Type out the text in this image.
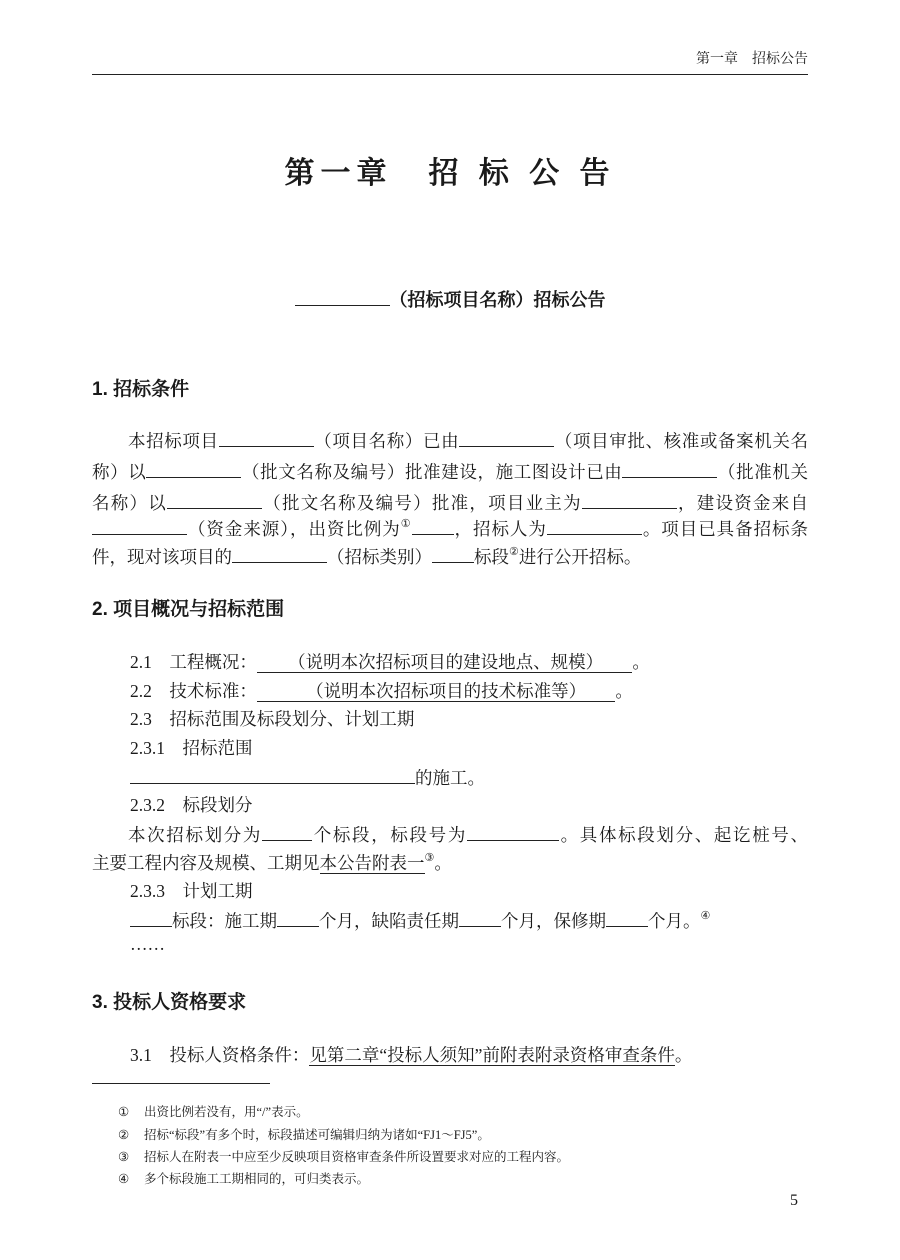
第一章　招标公告
第一章　招 标 公 告
（招标项目名称）招标公告
1. 招标条件
本招标项目	（项目名称）已由	（项目审批、核准或备案机关名
称）以	（批文名称及编号）批准建设，施工图设计已由	（批准机关
名称）以	（批文名称及编号）批准，项目业主为	，建设资金来自
（资金来源），出资比例为① ，招标人为	。项目已具备招标条
件，现对该项目的	（招标类别） 标段②进行公开招标。
2. 项目概况与招标范围
2.1　工程概况： （说明本次招标项目的建设地点、规模） 。
2.2　技术标准：	（说明本次招标项目的技术标准等） 。
2.3　招标范围及标段划分、计划工期
2.3.1　招标范围
的施工。
2.3.2　标段划分
本次招标划分为	个标段，标段号为	。具体标段划分、起讫桩号、
主要工程内容及规模、工期见本公告附表一③。
2.3.3　计划工期
标段：施工期 个月，缺陷责任期 个月，保修期 个月。④
……
3. 投标人资格要求
3.1　投标人资格条件：见第二章“投标人须知”前附表附录资格审查条件。
① 出资比例若没有，用“/”表示。
② 招标“标段”有多个时，标段描述可编辑归纳为诸如“FJ1～FJ5”。
③ 招标人在附表一中应至少反映项目资格审查条件所设置要求对应的工程内容。
④ 多个标段施工工期相同的，可归类表示。
5
